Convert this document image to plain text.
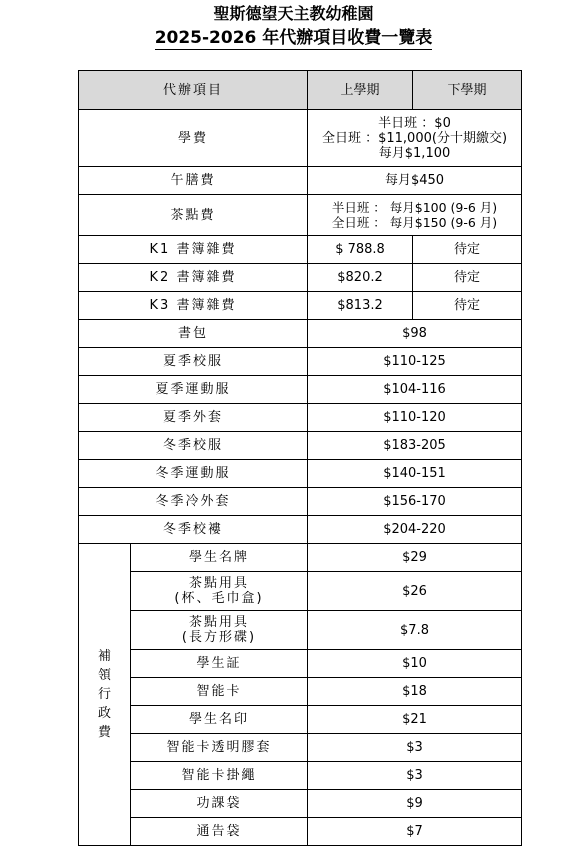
聖斯德望天主教幼稚園
2025-2026 年代辦項目收費一覽表
代辦項目		上學期	下學期
學費		半日班 ：$0
全日班 ：$11,000(分十期繳交)
每月$1,100	

午膳費		每月$450	
茶點費		半日班 ： 每月$100 (9-6 月)
全日班 ： 每月$150 (9-6 月)	

K1 書簿雜費		$ 788.8	待定
K2 書簿雜費		$820.2	待定
K3 書簿雜費		$813.2	待定
書包		$98	
夏季校服		$110-125	
夏季運動服		$104-116	
夏季外套		$110-120	
冬季校服		$183-205	
冬季運動服		$140-151	
冬季冷外套		$156-170	
冬季校褸		$204-220	

補
領
行
政
費	學生名牌	$29	

	茶點用具
(杯、毛巾盒)	$26	

	茶點用具
(長方形碟)	$7.8	
	學生証	$10	
	智能卡	$18	
	學生名印	$21	
	智能卡透明膠套	$3	
	智能卡掛繩	$3	
	功課袋	$9	
	通告袋	$7	
